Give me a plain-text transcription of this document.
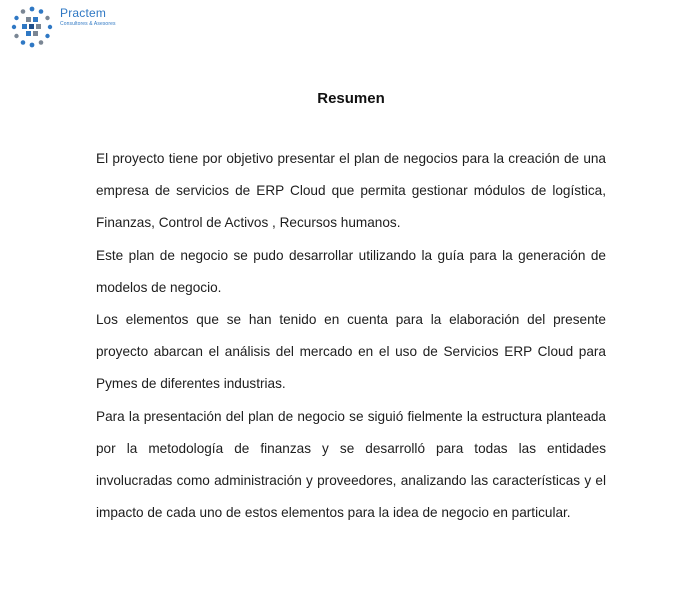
Practem
Consultores & Asesores
Resumen

El proyecto tiene por objetivo presentar el plan de negocios para la creación de una empresa de servicios de ERP Cloud que permita gestionar módulos de logística, Finanzas, Control de Activos , Recursos humanos.

Este plan de negocio se pudo desarrollar utilizando la guía para la generación de modelos de negocio.

Los elementos que se han tenido en cuenta para la elaboración del presente proyecto abarcan el análisis del mercado en el uso de Servicios ERP Cloud para Pymes de diferentes industrias.

Para la presentación del plan de negocio se siguió fielmente la estructura planteada por la metodología de finanzas y se desarrolló para todas las entidades involucradas como administración y proveedores, analizando las características y el impacto de cada uno de estos elementos para la idea de negocio en particular.
